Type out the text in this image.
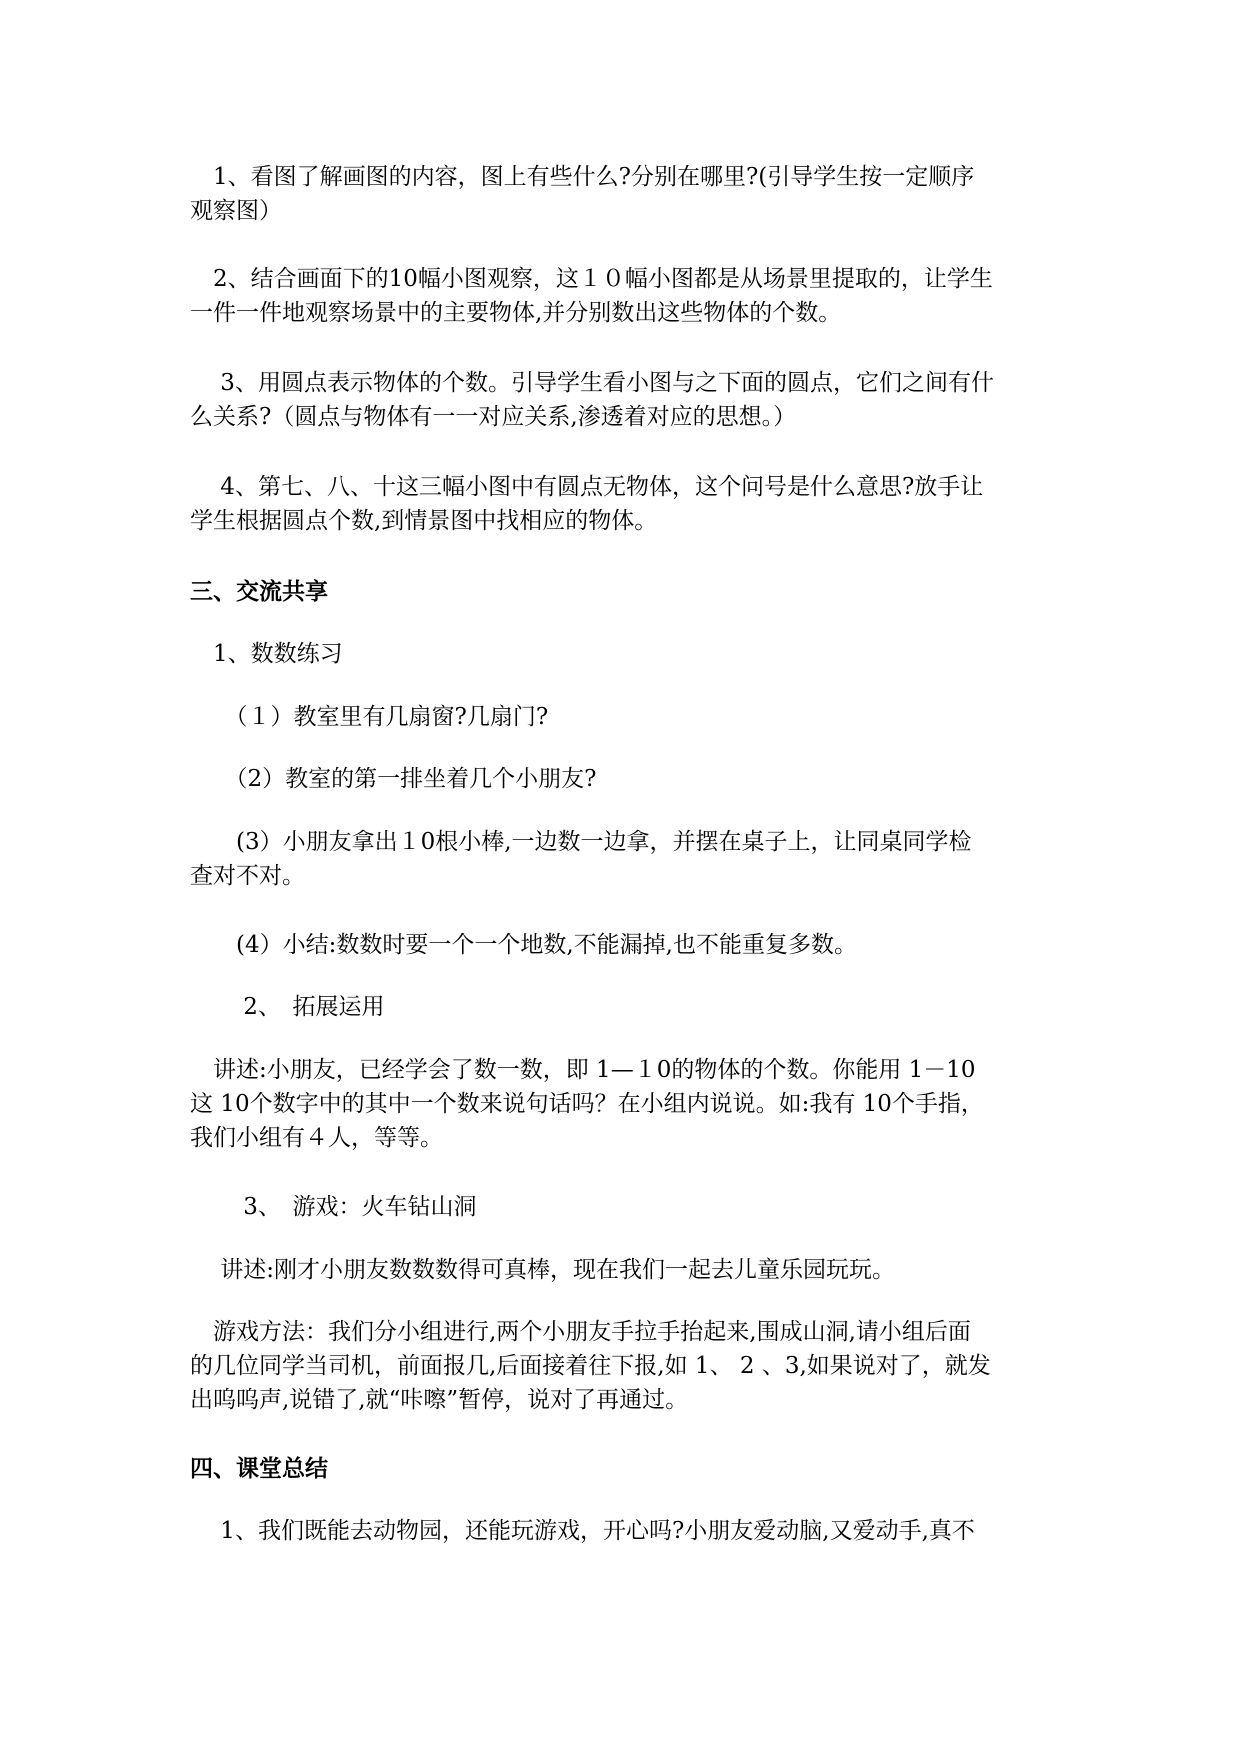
　1、看图了解画图的内容，图上有些什么?分别在哪里?(引导学生按一定顺序
观察图）

　2、结合画面下的10幅小图观察，这１０幅小图都是从场景里提取的，让学生
一件一件地观察场景中的主要物体,并分别数出这些物体的个数。

　 3、用圆点表示物体的个数。引导学生看小图与之下面的圆点，它们之间有什
么关系?（圆点与物体有一一对应关系,渗透着对应的思想。）

　 4、第七、八、十这三幅小图中有圆点无物体，这个问号是什么意思?放手让
学生根据圆点个数,到情景图中找相应的物体。

三、交流共享

　1、数数练习

　　（１）教室里有几扇窗?几扇门?

　　（2）教室的第一排坐着几个小朋友?

　　(3）小朋友拿出１0根小棒,一边数一边拿，并摆在桌子上，让同桌同学检
查对不对。

　　(4）小结:数数时要一个一个地数,不能漏掉,也不能重复多数。

　　 2、　拓展运用

　讲述:小朋友，已经学会了数一数，即 1—１0的物体的个数。你能用 1－10
这 10个数字中的其中一个数来说句话吗？在小组内说说。如:我有 10个手指，
我们小组有４人，等等。

　　 3、　游戏：火车钻山洞

　 讲述:刚才小朋友数数数得可真棒，现在我们一起去儿童乐园玩玩。

　游戏方法：我们分小组进行,两个小朋友手拉手抬起来,围成山洞,请小组后面
的几位同学当司机，前面报几,后面接着往下报,如 1、 2 、3,如果说对了，就发
出呜呜声,说错了,就“咔嚓”暂停，说对了再通过。

四、课堂总结

　 1、我们既能去动物园，还能玩游戏，开心吗?小朋友爱动脑,又爱动手,真不
